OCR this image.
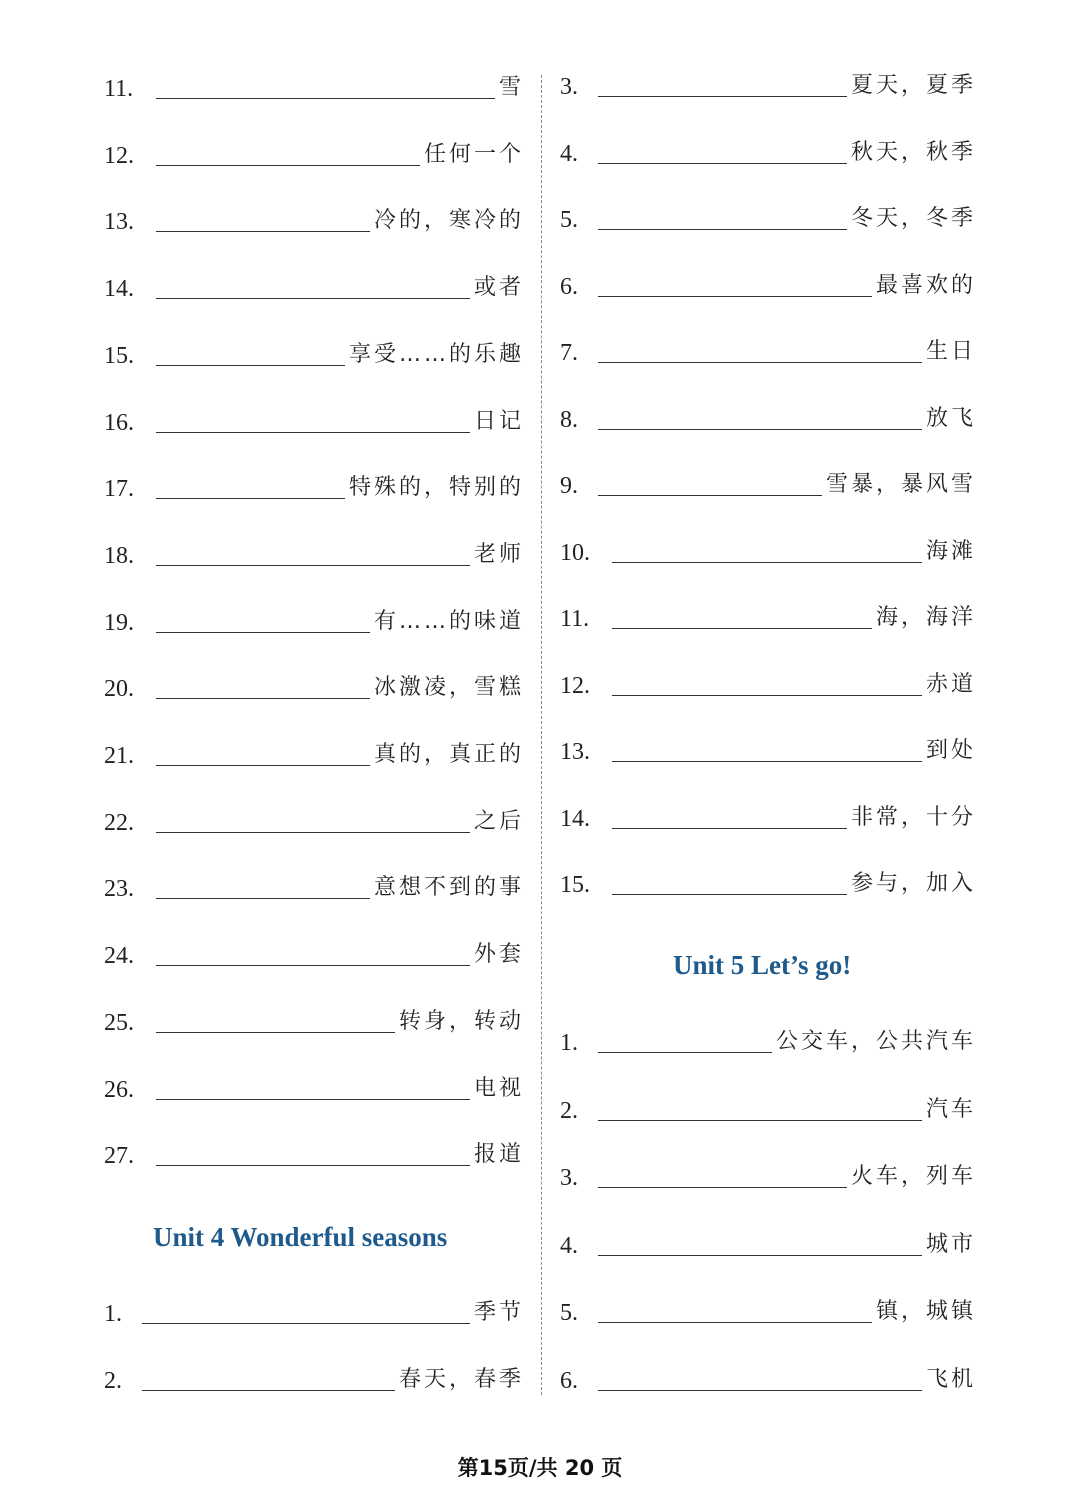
11.	雪
12.	任何一个
13.	冷的，寒冷的
14.	或者
15.	享受……的乐趣
16.	日记
17.	特殊的，特别的
18.	老师
19.	有……的味道
20.	冰激凌，雪糕
21.	真的，真正的
22.	之后
23.	意想不到的事
24.	外套
25.	转身，转动
26.	电视
27.	报道
Unit 4 Wonderful seasons
1.	季节
2.	春天，春季
3.	夏天，夏季
4.	秋天，秋季
5.	冬天，冬季
6.	最喜欢的
7.	生日
8.	放飞
9.	雪暴，暴风雪
10.	海滩
11.	海，海洋
12.	赤道
13.	到处
14.	非常，十分
15.	参与，加入
Unit 5 Let’s go!
1.	公交车，公共汽车
2.	汽车
3.	火车，列车
4.	城市
5.	镇，城镇
6.	飞机
第15页/共 20 页
